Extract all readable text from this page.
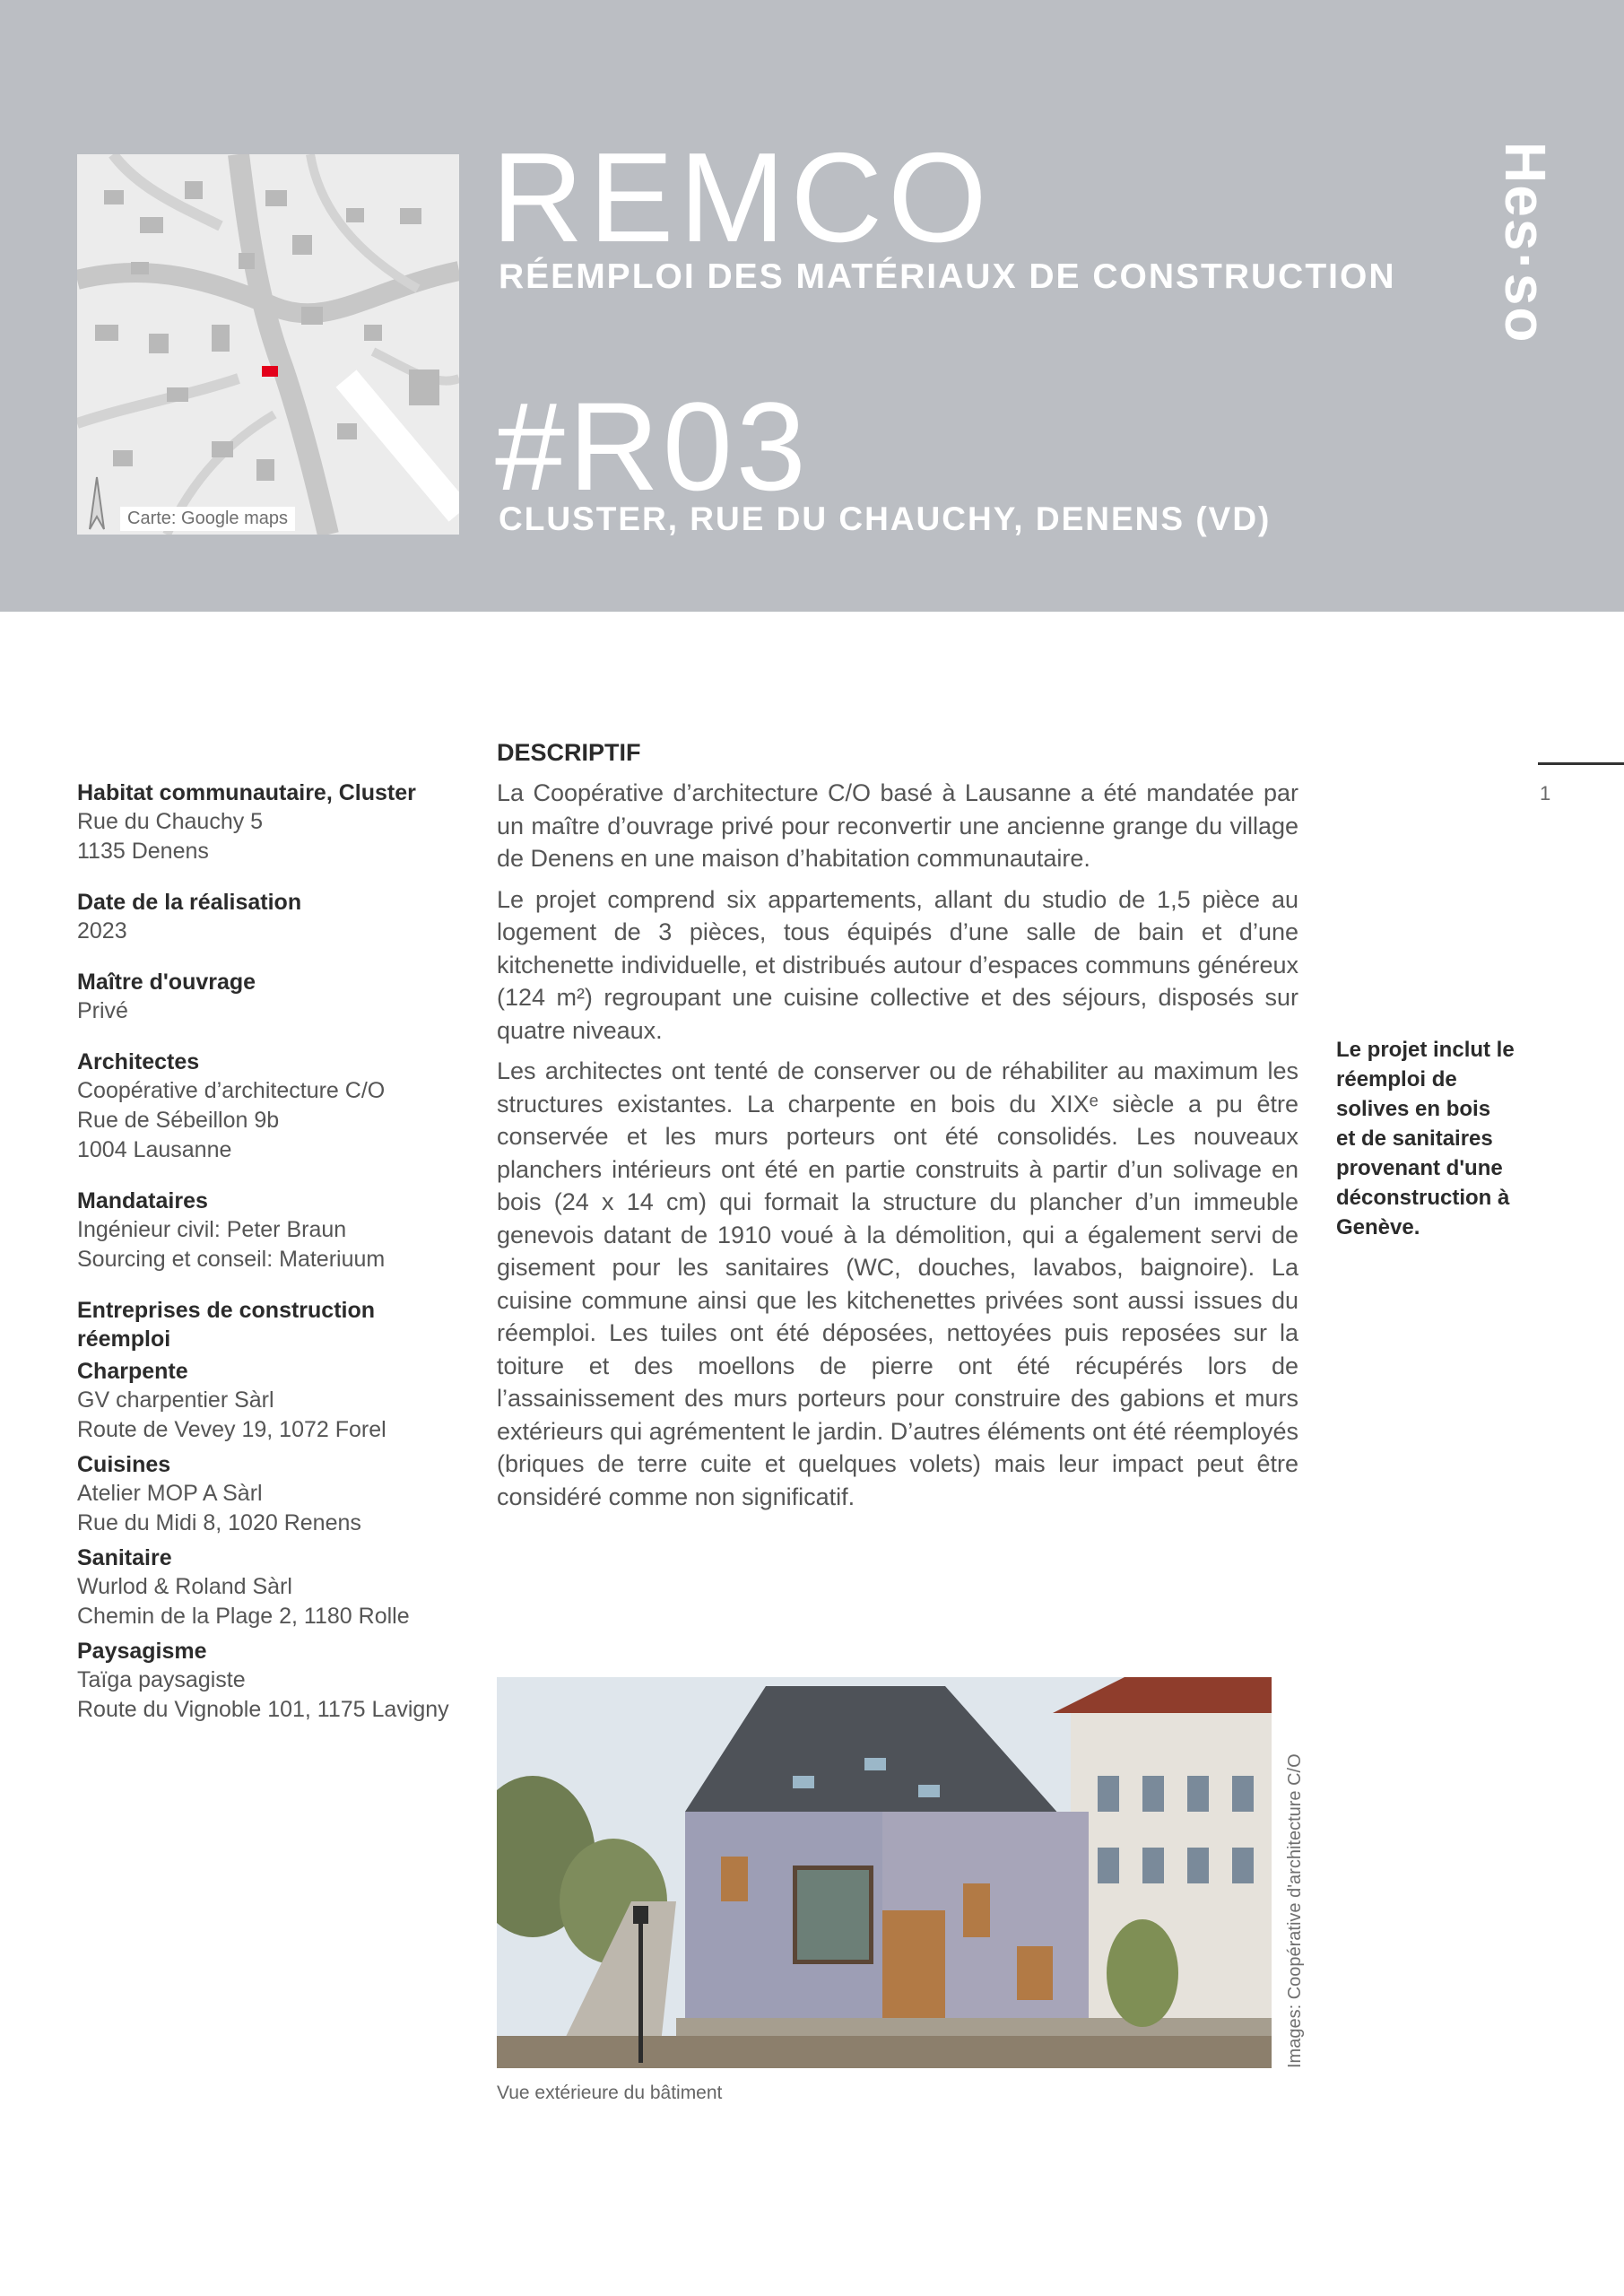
Carte: Google maps
REMCO
RÉEMPLOI DES MATÉRIAUX DE CONSTRUCTION
#R03
CLUSTER, RUE DU CHAUCHY, DENENS (VD)
Hes·so
1

Habitat communautaire, Cluster

Rue du Chauchy 5

1135 Denens

Date de la réalisation

2023

Maître d'ouvrage

Privé

Architectes

Coopérative d’architecture C/O

Rue de Sébeillon 9b

1004 Lausanne

Mandataires

Ingénieur civil: Peter Braun

Sourcing et conseil: Materiuum

Entreprises de construction réemploi

Charpente

GV charpentier Sàrl

Route de Vevey 19, 1072 Forel

Cuisines

Atelier MOP A Sàrl

Rue du Midi 8, 1020 Renens

Sanitaire

Wurlod & Roland Sàrl

Chemin de la Plage 2, 1180 Rolle

Paysagisme

Taïga paysagiste

Route du Vignoble 101, 1175 Lavigny

DESCRIPTIF

La Coopérative d’architecture C/O basé à Lausanne a été mandatée par un maître d’ouvrage privé pour reconvertir une ancienne grange du village de Denens en une maison d’habitation communautaire.

Le projet comprend six appartements, allant du studio de 1,5 pièce au logement de 3 pièces, tous équipés d’une salle de bain et d’une kitchenette individuelle, et distribués autour d’espaces communs généreux (124 m²) regroupant une cuisine collective et des séjours, disposés sur quatre niveaux.

Les architectes ont tenté de conserver ou de réhabiliter au maximum les structures existantes. La charpente en bois du XIXᵉ siècle a pu être conservée et les murs porteurs ont été consolidés. Les nouveaux planchers intérieurs ont été en partie construits à partir d’un solivage en bois (24 x 14 cm) qui formait la structure du plancher d’un immeuble genevois datant de 1910 voué à la démolition, qui a également servi de gisement pour les sanitaires (WC, douches, lavabos, baignoire). La cuisine commune ainsi que les kitchenettes privées sont aussi issues du réemploi. Les tuiles ont été déposées, nettoyées puis reposées sur la toiture et des moellons de pierre ont été récupérés lors de l’assainissement des murs porteurs pour construire des gabions et murs extérieurs qui agrémentent le jardin. D’autres éléments ont été réemployés (briques de terre cuite et quelques volets) mais leur impact peut être considéré comme non significatif.

Le projet inclut le réemploi de solives en bois et de sanitaires provenant d'une déconstruction à Genève.

Images: Coopérative d'architecture C/O

Vue extérieure du bâtiment
